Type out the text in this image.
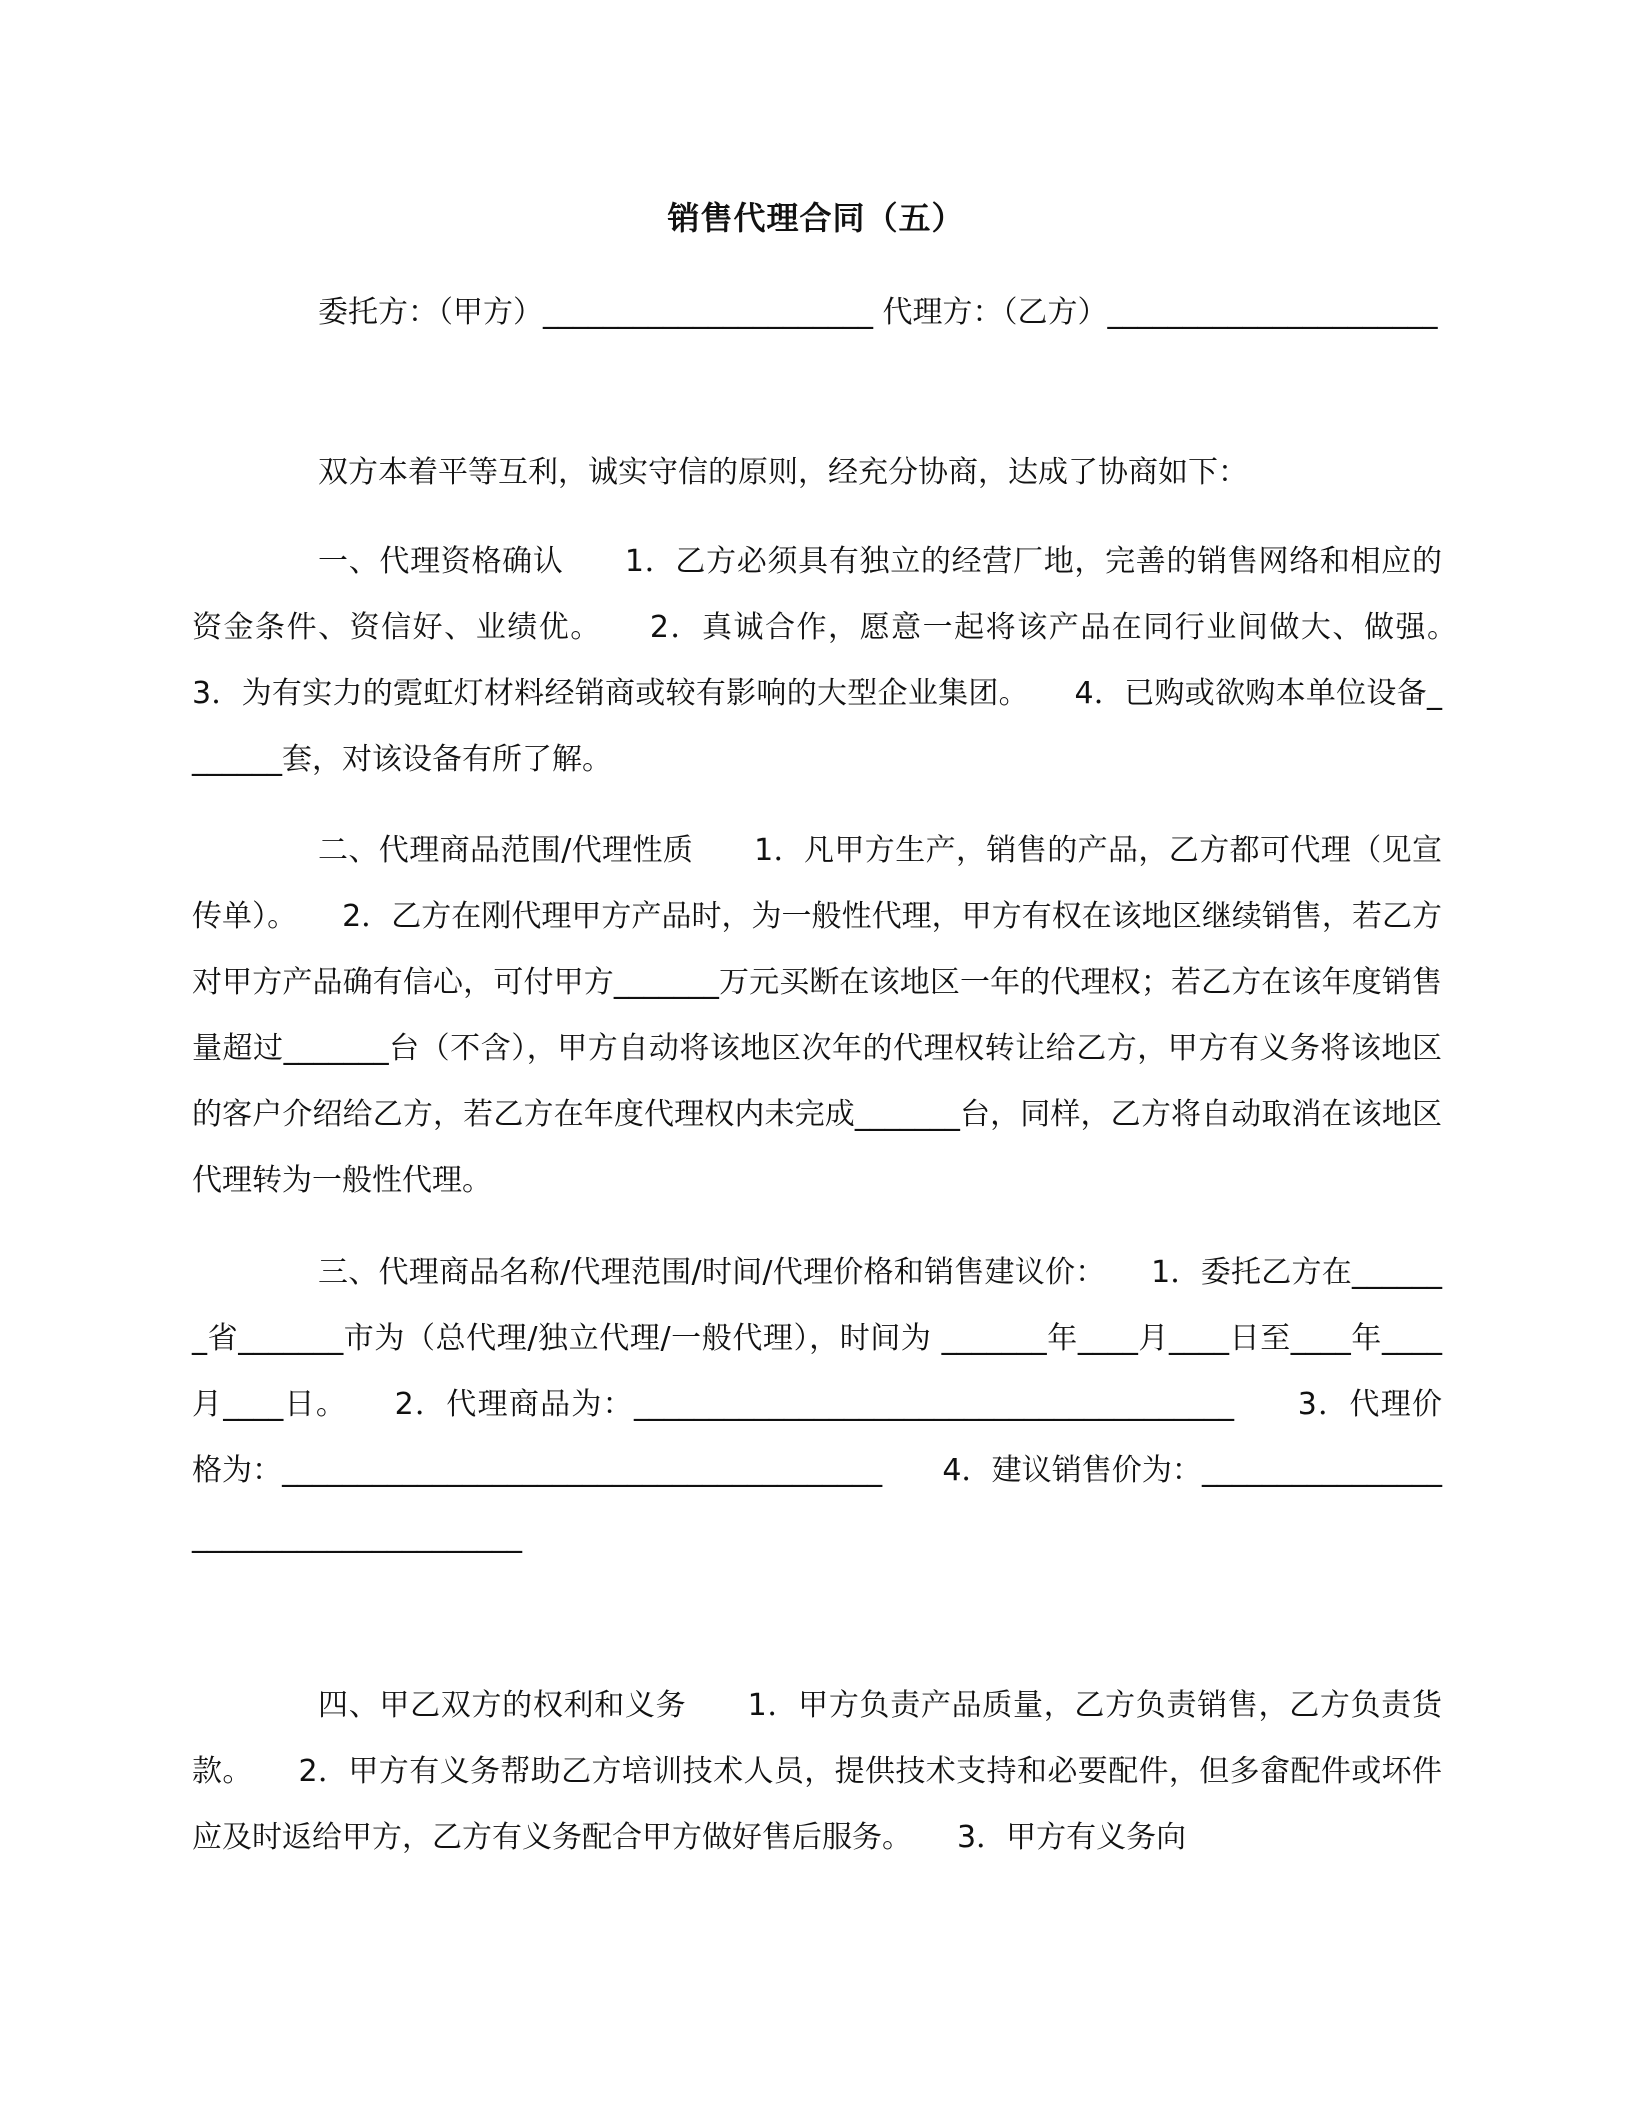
销售代理合同（五）

委托方：（甲方）______________________ 代理方：（乙方）______________________

双方本着平等互利，诚实守信的原则，经充分协商，达成了协商如下：

一、代理资格确认　　1．乙方必须具有独立的经营厂地，完善的销售网络和相应的资金条件、资信好、业绩优。　　2．真诚合作，愿意一起将该产品在同行业间做大、做强。　　3．为有实力的霓虹灯材料经销商或较有影响的大型企业集团。　　4．已购或欲购本单位设备_______套，对该设备有所了解。

二、代理商品范围/代理性质　　1．凡甲方生产，销售的产品，乙方都可代理（见宣传单）。　　2．乙方在刚代理甲方产品时，为一般性代理，甲方有权在该地区继续销售，若乙方对甲方产品确有信心，可付甲方_______万元买断在该地区一年的代理权；若乙方在该年度销售量超过_______台（不含），甲方自动将该地区次年的代理权转让给乙方，甲方有义务将该地区的客户介绍给乙方，若乙方在年度代理权内未完成_______台，同样，乙方将自动取消在该地区代理转为一般性代理。

三、代理商品名称/代理范围/时间/代理价格和销售建议价：　　1．委托乙方在_______省_______市为（总代理/独立代理/一般代理），时间为 _______年____月____日至____年____月____日。　　2．代理商品为：________________________________________　　3．代理价格为：________________________________________　　4．建议销售价为：______________________________________

四、甲乙双方的权利和义务　　1．甲方负责产品质量，乙方负责销售，乙方负责货款。　　2．甲方有义务帮助乙方培训技术人员，提供技术支持和必要配件，但多畲配件或坏件应及时返给甲方，乙方有义务配合甲方做好售后服务。　　3．甲方有义务向
